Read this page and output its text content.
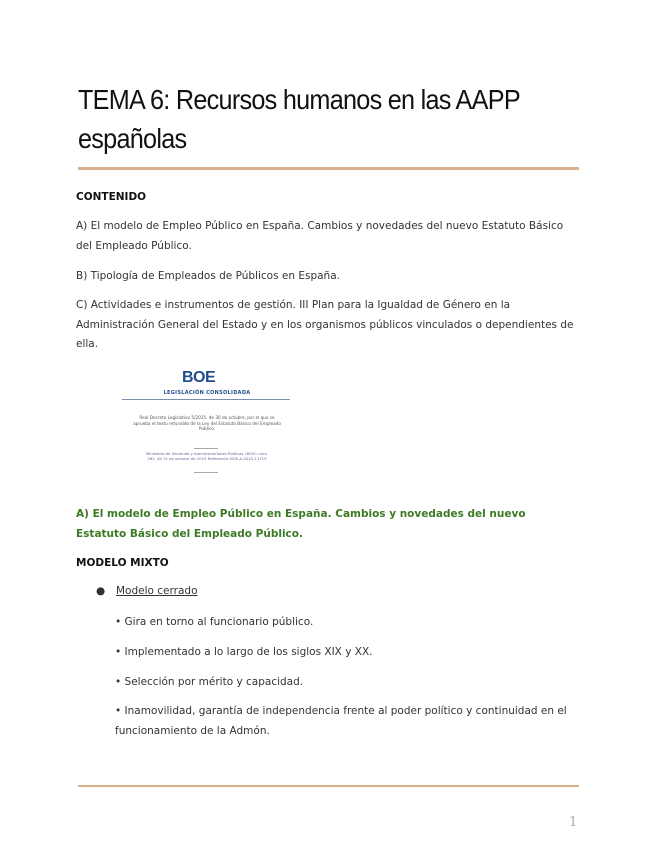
TEMA 6: Recursos humanos en las AAPP españolas
CONTENIDO

A) El modelo de Empleo Público en España. Cambios y novedades del nuevo Estatuto Básico del Empleado Público.

B) Tipología de Empleados de Públicos en España.

C) Actividades e instrumentos de gestión. III Plan para la Igualdad de Género en la Administración General del Estado y en los organismos públicos vinculados o dependientes de ella.

BOE
LEGISLACIÓN CONSOLIDADA
Real Decreto Legislativo 5/2015, de 30 de octubre, por el que se aprueba el texto refundido de la Ley del Estatuto Básico del Empleado Público.
Ministerio de Hacienda y Administraciones Públicas «BOE» núm. 261, de 31 de octubre de 2015 Referencia: BOE-A-2015-11719

A) El modelo de Empleo Público en España. Cambios y novedades del nuevo Estatuto Básico del Empleado Público.

MODELO MIXTO
● Modelo cerrado

• Gira en torno al funcionario público.

• Implementado a lo largo de los siglos XIX y XX.

• Selección por mérito y capacidad.

• Inamovilidad, garantía de independencia frente al poder político y continuidad en el funcionamiento de la Admón.

1
